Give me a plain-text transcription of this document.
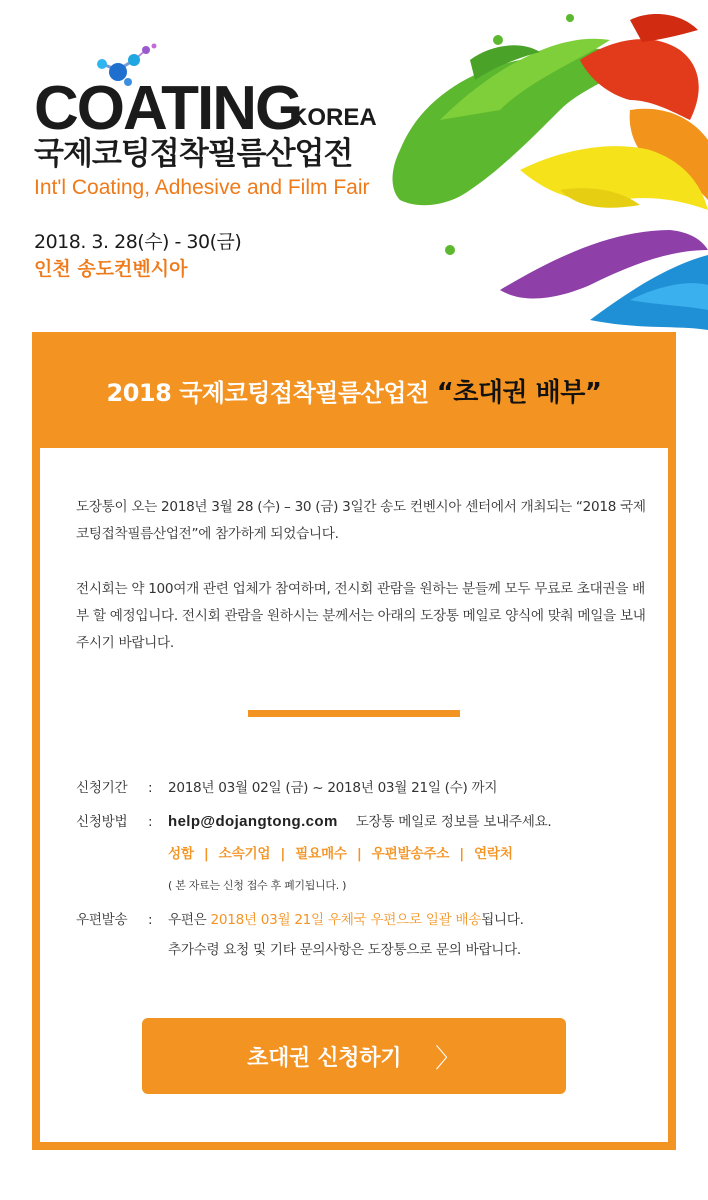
COATING
KOREA
국제코팅접착필름산업전
Int'l Coating, Adhesive and Film Fair
2018. 3. 28(수) - 30(금)
인천 송도컨벤시아
2018 국제코팅접착필름산업전 “초대권 배부”

도장통이 오는 2018년 3월 28 (수) – 30 (금) 3일간 송도 컨벤시아 센터에서 개최되는 “2018 국제코팅접착필름산업전”에 참가하게 되었습니다.

전시회는 약 100여개 관련 업체가 참여하며, 전시회 관람을 원하는 분들께 모두 무료로 초대권을 배부 할 예정입니다. 전시회 관람을 원하시는 분께서는 아래의 도장통 메일로 양식에 맞춰 메일을 보내주시기 바랍니다.

신청기간	: 2018년 03월 02일 (금) ~ 2018년 03월 21일 (수) 까지
신청방법	: help@dojangtong.com 도장통 메일로 정보를 보내주세요.
성함 | 소속기업 | 필요매수 | 우편발송주소 | 연락처
( 본 자료는 신청 접수 후 폐기됩니다. )
우편발송	: 우편은 2018년 03월 21일 우체국 우편으로 일괄 배송됩니다.
추가수령 요청 및 기타 문의사항은 도장통으로 문의 바랍니다.
초대권 신청하기 〉
